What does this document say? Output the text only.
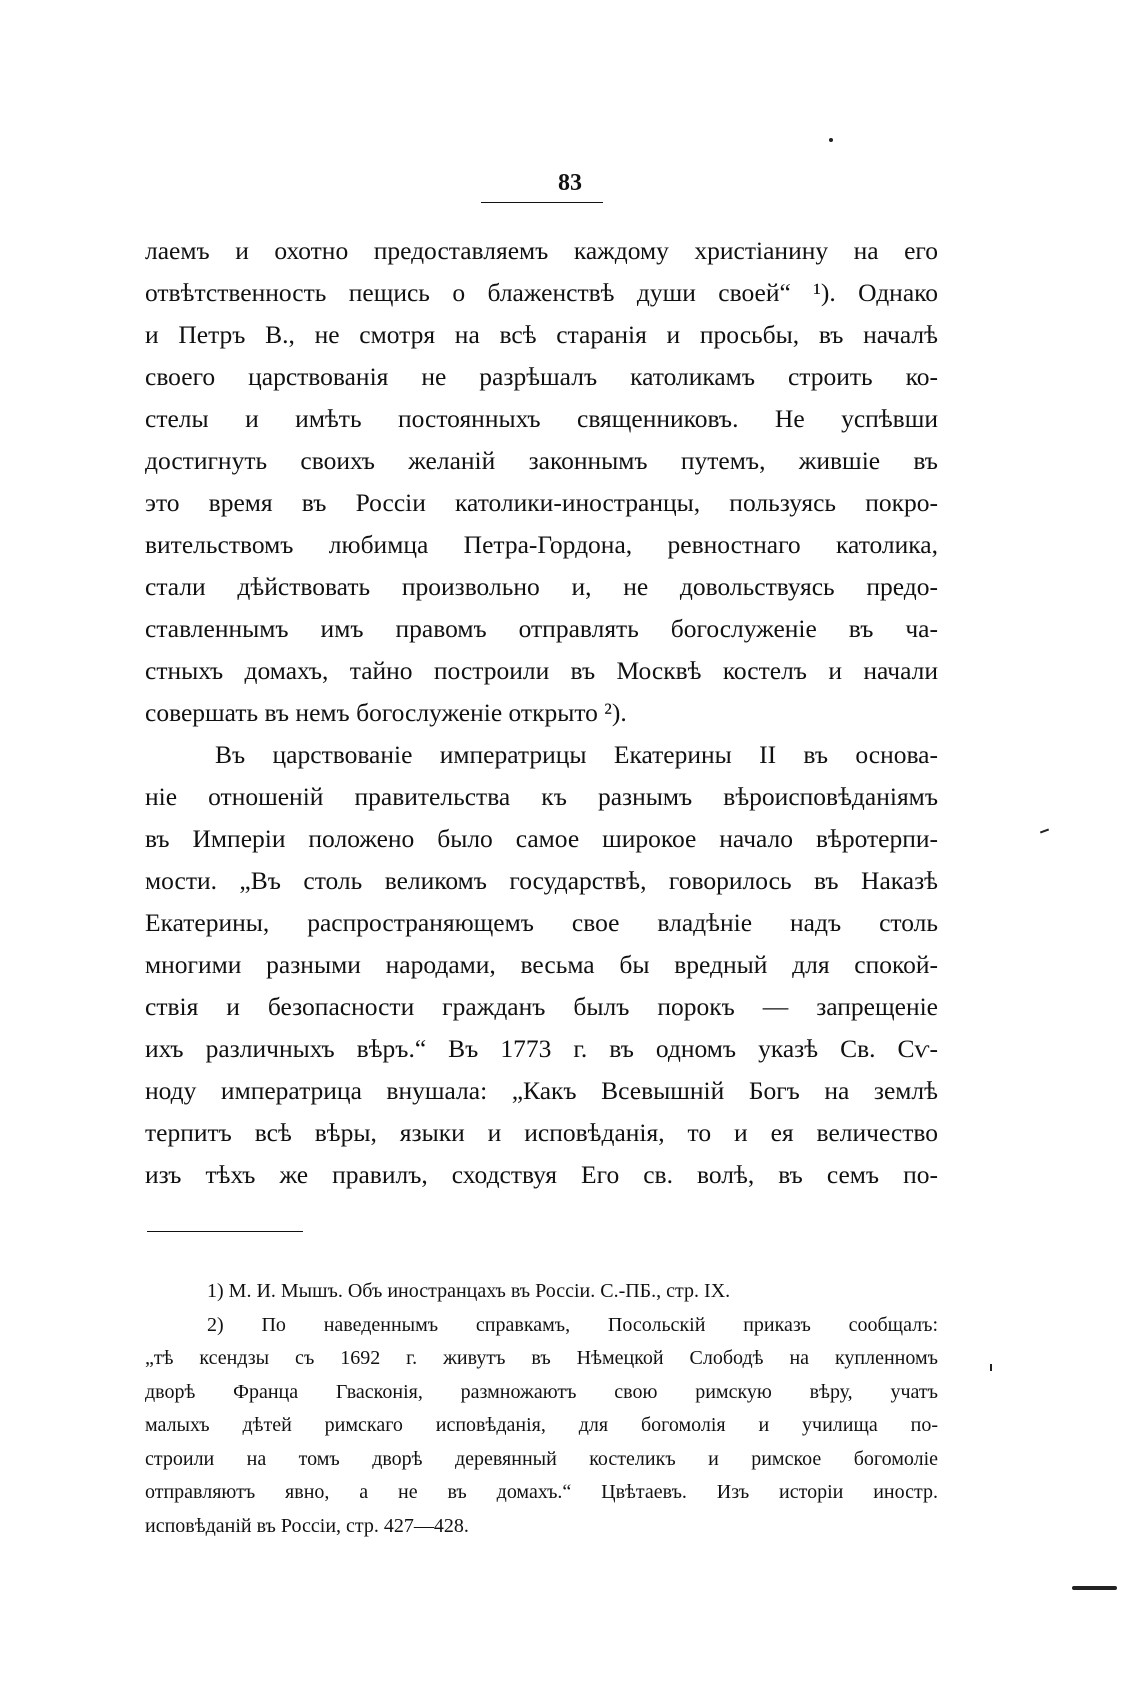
83
лаемъ и охотно предоставляемъ каждому христіанину на его
отвѣтственность пещись о блаженствѣ души своей“ ¹). Однако
и Петръ В., не смотря на всѣ старанія и просьбы, въ началѣ
своего царствованія не разрѣшалъ католикамъ строить ко-
стелы и имѣть постоянныхъ священниковъ. Не успѣвши
достигнуть своихъ желаній законнымъ путемъ, жившіе въ
это время въ Россіи католики-иностранцы, пользуясь покро-
вительствомъ любимца Петра-Гордона, ревностнаго католика,
стали дѣйствовать произвольно и, не довольствуясь предо-
ставленнымъ имъ правомъ отправлять богослуженіе въ ча-
стныхъ домахъ, тайно построили въ Москвѣ костелъ и начали
совершать въ немъ богослуженіе открыто ²).
Въ царствованіе императрицы Екатерины II въ основа-
ніе отношеній правительства къ разнымъ вѣроисповѣданіямъ
въ Имперіи положено было самое широкое начало вѣротерпи-
мости. „Въ столь великомъ государствѣ, говорилось въ Наказѣ
Екатерины, распространяющемъ свое владѣніе надъ столь
многими разными народами, весьма бы вредный для спокой-
ствія и безопасности гражданъ былъ порокъ — запрещеніе
ихъ различныхъ вѣръ.“ Въ 1773 г. въ одномъ указѣ Св. Сѵ-
ноду императрица внушала: „Какъ Всевышній Богъ на землѣ
терпитъ всѣ вѣры, языки и исповѣданія, то и ея величество
изъ тѣхъ же правилъ, сходствуя Его св. волѣ, въ семъ по-
1) М. И. Мышъ. Объ иностранцахъ въ Россіи. С.-ПБ., стр. IX.
2) По наведеннымъ справкамъ, Посольскій приказъ сообщалъ:
„тѣ ксендзы съ 1692 г. живутъ въ Нѣмецкой Слободѣ на купленномъ
дворѣ Франца Гвасконія, размножаютъ свою римскую вѣру, учатъ
малыхъ дѣтей римскаго исповѣданія, для богомолія и училища по-
строили на томъ дворѣ деревянный костеликъ и римское богомоліе
отправляютъ явно, а не въ домахъ.“ Цвѣтаевъ. Изъ исторіи иностр.
исповѣданій въ Россіи, стр. 427—428.
